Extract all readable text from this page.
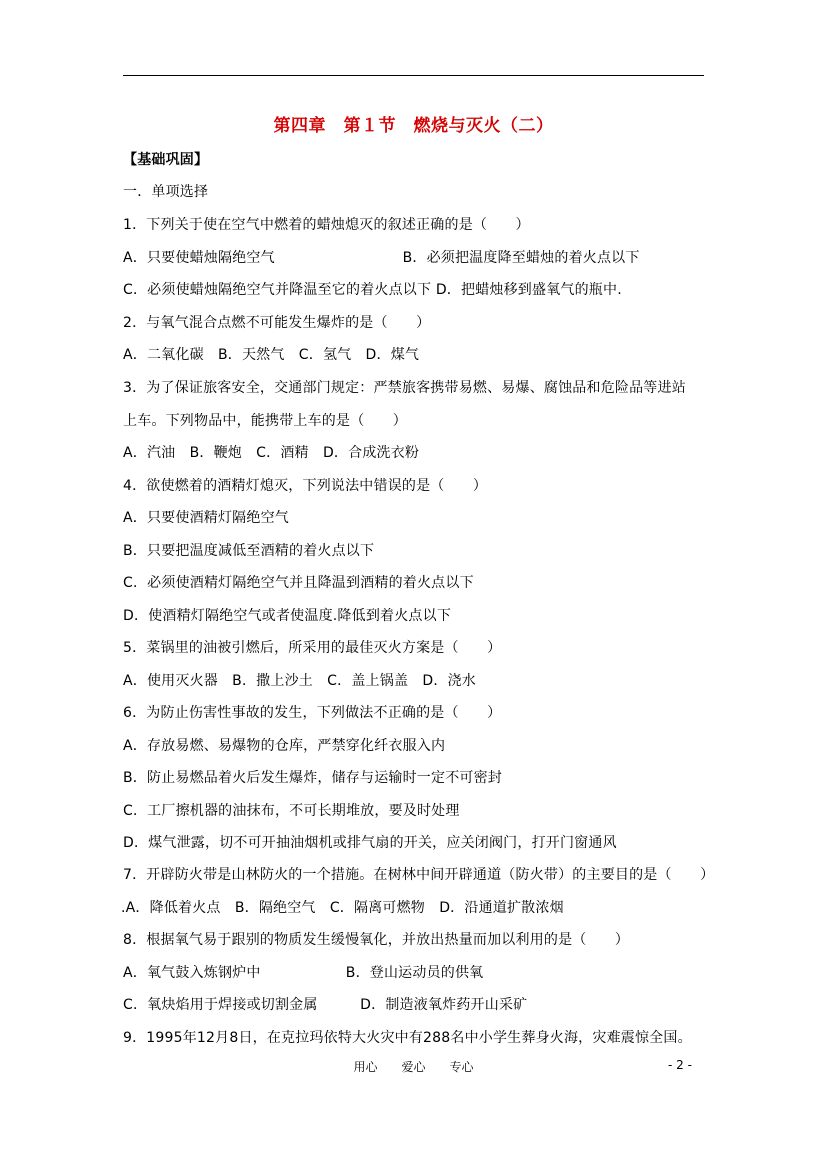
第四章　第１节　燃烧与灭火（二）
【基础巩固】
一．单项选择
1．下列关于使在空气中燃着的蜡烛熄灭的叙述正确的是（　　）
A．只要使蜡烛隔绝空气　　　　　　　　　B．必须把温度降至蜡烛的着火点以下
C．必须使蜡烛隔绝空气并降温至它的着火点以下 D．把蜡烛移到盛氧气的瓶中.
2．与氧气混合点燃不可能发生爆炸的是（　　）
A．二氧化碳　B．天然气　C．氢气　D．煤气
3．为了保证旅客安全，交通部门规定：严禁旅客携带易燃、易爆、腐蚀品和危险品等进站
上车。下列物品中，能携带上车的是（　　）
A．汽油　B．鞭炮　C．酒精　D．合成洗衣粉
4．欲使燃着的酒精灯熄灭，下列说法中错误的是（　　）
A．只要使酒精灯隔绝空气
B．只要把温度减低至酒精的着火点以下
C．必须使酒精灯隔绝空气并且降温到酒精的着火点以下
D．使酒精灯隔绝空气或者使温度.降低到着火点以下
5．菜锅里的油被引燃后，所采用的最佳灭火方案是（　　）
A．使用灭火器　B．撒上沙土　C．盖上锅盖　D．浇水
6．为防止伤害性事故的发生，下列做法不正确的是（　　）
A．存放易燃、易爆物的仓库，严禁穿化纤衣服入内
B．防止易燃品着火后发生爆炸，储存与运输时一定不可密封
C．工厂擦机器的油抹布，不可长期堆放，要及时处理
D．煤气泄露，切不可开抽油烟机或排气扇的开关，应关闭阀门，打开门窗通风
7．开辟防火带是山林防火的一个措施。在树林中间开辟通道（防火带）的主要目的是（　　）
.A．降低着火点　B．隔绝空气　C．隔离可燃物　D．沿通道扩散浓烟
8．根据氧气易于跟别的物质发生缓慢氧化，并放出热量而加以利用的是（　　）
A．氧气鼓入炼钢炉中　　　　　　B．登山运动员的供氧
C．氧炔焰用于焊接或切割金属　　　D．制造液氧炸药开山采矿
9．1995年12月8日，在克拉玛依特大火灾中有288名中小学生葬身火海，灾难震惊全国。
用心　　爱心　　专心	- 2 -
